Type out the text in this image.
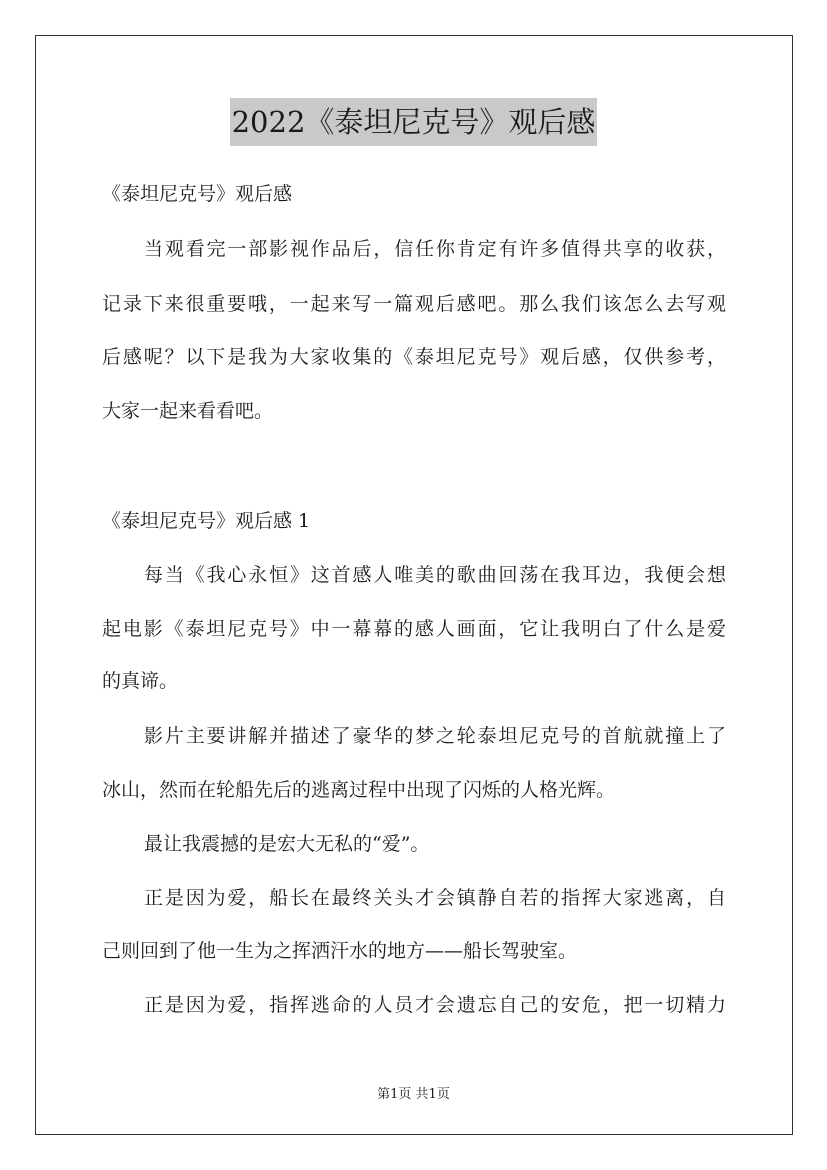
2022《泰坦尼克号》观后感
《泰坦尼克号》观后感
当观看完一部影视作品后，信任你肯定有许多值得共享的收获，
记录下来很重要哦，一起来写一篇观后感吧。那么我们该怎么去写观
后感呢？以下是我为大家收集的《泰坦尼克号》观后感，仅供参考，
大家一起来看看吧。
《泰坦尼克号》观后感 1
每当《我心永恒》这首感人唯美的歌曲回荡在我耳边，我便会想
起电影《泰坦尼克号》中一幕幕的感人画面，它让我明白了什么是爱
的真谛。
影片主要讲解并描述了豪华的梦之轮泰坦尼克号的首航就撞上了
冰山，然而在轮船先后的逃离过程中出现了闪烁的人格光辉。
最让我震撼的是宏大无私的“爱”。
正是因为爱，船长在最终关头才会镇静自若的指挥大家逃离，自
己则回到了他一生为之挥洒汗水的地方——船长驾驶室。
正是因为爱，指挥逃命的人员才会遗忘自己的安危，把一切精力
第1页 共1页
